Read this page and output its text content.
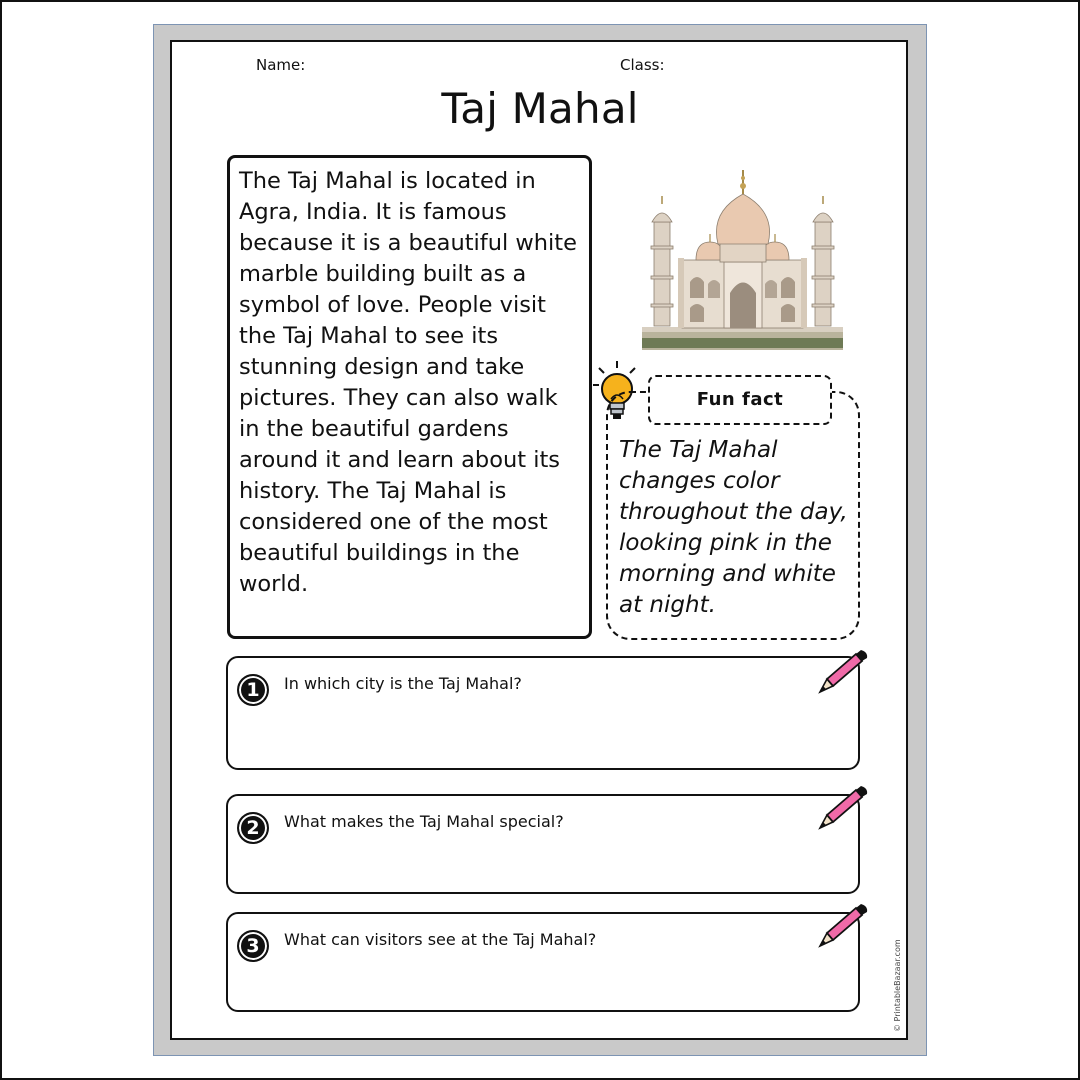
Name:	Class:
Taj Mahal
The Taj Mahal is located in Agra, India. It is famous because it is a beautiful white marble building built as a symbol of love. People visit the Taj Mahal to see its stunning design and take pictures. They can also walk in the beautiful gardens around it and learn about its history. The Taj Mahal is considered one of the most beautiful buildings in the world.
The Taj Mahal changes color throughout the day, looking pink in the morning and white at night.
Fun fact
1	In which city is the Taj Mahal?
2	What makes the Taj Mahal special?
3	What can visitors see at the Taj Mahal?	© PrintableBazaar.com
